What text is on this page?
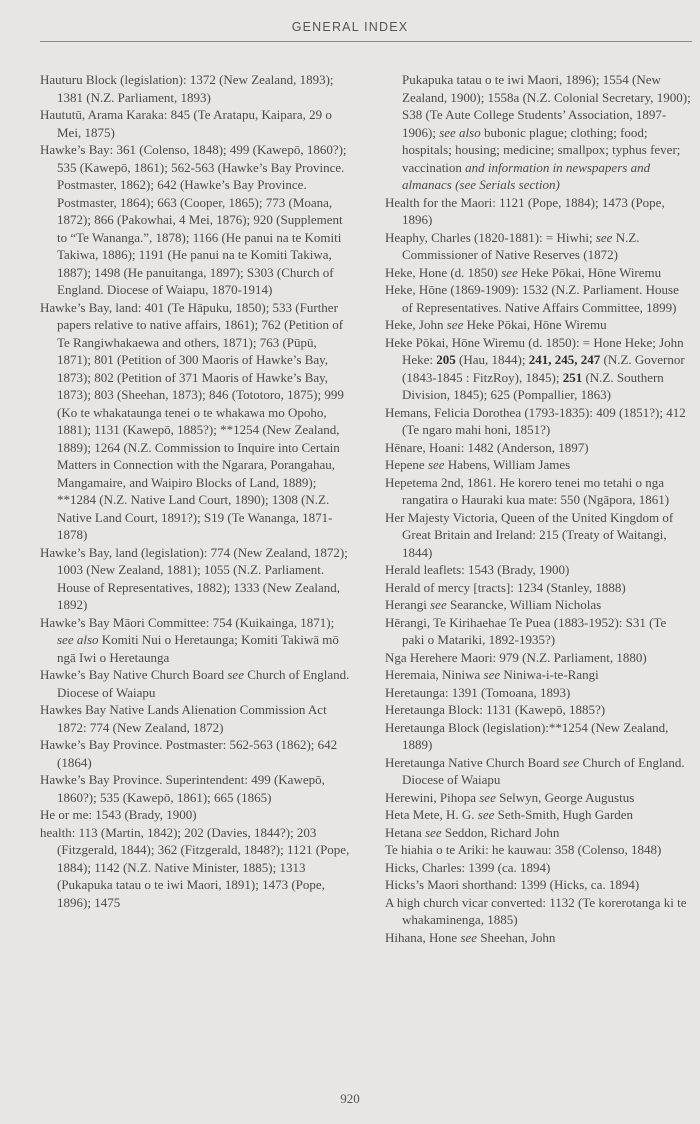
GENERAL INDEX

Hauturu Block (legislation): 1372 (New Zealand, 1893); 1381 (N.Z. Parliament, 1893)

Haututū, Arama Karaka: 845 (Te Aratapu, Kaipara, 29 o Mei, 1875)

Hawke’s Bay: 361 (Colenso, 1848); 499 (Kawepō, 1860?); 535 (Kawepō, 1861); 562-563 (Hawke’s Bay Province. Postmaster, 1862); 642 (Hawke’s Bay Province. Postmaster, 1864); 663 (Cooper, 1865); 773 (Moana, 1872); 866 (Pakowhai, 4 Mei, 1876); 920 (Supplement to “Te Wananga.”, 1878); 1166 (He panui na te Komiti Takiwa, 1886); 1191 (He panui na te Komiti Takiwa, 1887); 1498 (He panuitanga, 1897); S303 (Church of England. Diocese of Waiapu, 1870-1914)

Hawke’s Bay, land: 401 (Te Hāpuku, 1850); 533 (Further papers relative to native affairs, 1861); 762 (Petition of Te Rangiwhakaewa and others, 1871); 763 (Pūpū, 1871); 801 (Petition of 300 Maoris of Hawke’s Bay, 1873); 802 (Petition of 371 Maoris of Hawke’s Bay, 1873); 803 (Sheehan, 1873); 846 (Tototoro, 1875); 999 (Ko te whakataunga tenei o te whakawa mo Opoho, 1881); 1131 (Kawepō, 1885?); **1254 (New Zealand, 1889); 1264 (N.Z. Commission to Inquire into Certain Matters in Connection with the Ngarara, Porangahau, Mangamaire, and Waipiro Blocks of Land, 1889); **1284 (N.Z. Native Land Court, 1890); 1308 (N.Z. Native Land Court, 1891?); S19 (Te Wananga, 1871-1878)

Hawke’s Bay, land (legislation): 774 (New Zealand, 1872); 1003 (New Zealand, 1881); 1055 (N.Z. Parliament. House of Representatives, 1882); 1333 (New Zealand, 1892)

Hawke’s Bay Māori Committee: 754 (Kuikainga, 1871); see also Komiti Nui o Heretaunga; Komiti Takiwā mō ngā Iwi o Heretaunga

Hawke’s Bay Native Church Board see Church of England. Diocese of Waiapu

Hawkes Bay Native Lands Alienation Commission Act 1872: 774 (New Zealand, 1872)

Hawke’s Bay Province. Postmaster: 562-563 (1862); 642 (1864)

Hawke’s Bay Province. Superintendent: 499 (Kawepō, 1860?); 535 (Kawepō, 1861); 665 (1865)

He or me: 1543 (Brady, 1900)

health: 113 (Martin, 1842); 202 (Davies, 1844?); 203 (Fitzgerald, 1844); 362 (Fitzgerald, 1848?); 1121 (Pope, 1884); 1142 (N.Z. Native Minister, 1885); 1313 (Pukapuka tatau o te iwi Maori, 1891); 1473 (Pope, 1896); 1475

Pukapuka tatau o te iwi Maori, 1896); 1554 (New Zealand, 1900); 1558a (N.Z. Colonial Secretary, 1900); S38 (Te Aute College Students’ Association, 1897-1906); see also bubonic plague; clothing; food; hospitals; housing; medicine; smallpox; typhus fever; vaccination and information in newspapers and almanacs (see Serials section)

Health for the Maori: 1121 (Pope, 1884); 1473 (Pope, 1896)

Heaphy, Charles (1820-1881): = Hiwhi; see N.Z. Commissioner of Native Reserves (1872)

Heke, Hone (d. 1850) see Heke Pōkai, Hōne Wiremu

Heke, Hōne (1869-1909): 1532 (N.Z. Parliament. House of Representatives. Native Affairs Committee, 1899)

Heke, John see Heke Pōkai, Hōne Wiremu

Heke Pōkai, Hōne Wiremu (d. 1850): = Hone Heke; John Heke: 205 (Hau, 1844); 241, 245, 247 (N.Z. Governor (1843-1845 : FitzRoy), 1845); 251 (N.Z. Southern Division, 1845); 625 (Pompallier, 1863)

Hemans, Felicia Dorothea (1793-1835): 409 (1851?); 412 (Te ngaro mahi honi, 1851?)

Hēnare, Hoani: 1482 (Anderson, 1897)

Hepene see Habens, William James

Hepetema 2nd, 1861. He korero tenei mo tetahi o nga rangatira o Hauraki kua mate: 550 (Ngāpora, 1861)

Her Majesty Victoria, Queen of the United Kingdom of Great Britain and Ireland: 215 (Treaty of Waitangi, 1844)

Herald leaflets: 1543 (Brady, 1900)

Herald of mercy [tracts]: 1234 (Stanley, 1888)

Herangi see Searancke, William Nicholas

Hērangi, Te Kirihaehae Te Puea (1883-1952): S31 (Te paki o Matariki, 1892-1935?)

Nga Herehere Maori: 979 (N.Z. Parliament, 1880)

Heremaia, Niniwa see Niniwa-i-te-Rangi

Heretaunga: 1391 (Tomoana, 1893)

Heretaunga Block: 1131 (Kawepō, 1885?)

Heretaunga Block (legislation):**1254 (New Zealand, 1889)

Heretaunga Native Church Board see Church of England. Diocese of Waiapu

Herewini, Pihopa see Selwyn, George Augustus

Heta Mete, H. G. see Seth-Smith, Hugh Garden

Hetana see Seddon, Richard John

Te hiahia o te Ariki: he kauwau: 358 (Colenso, 1848)

Hicks, Charles: 1399 (ca. 1894)

Hicks’s Maori shorthand: 1399 (Hicks, ca. 1894)

A high church vicar converted: 1132 (Te korerotanga ki te whakaminenga, 1885)

Hihana, Hone see Sheehan, John

920
